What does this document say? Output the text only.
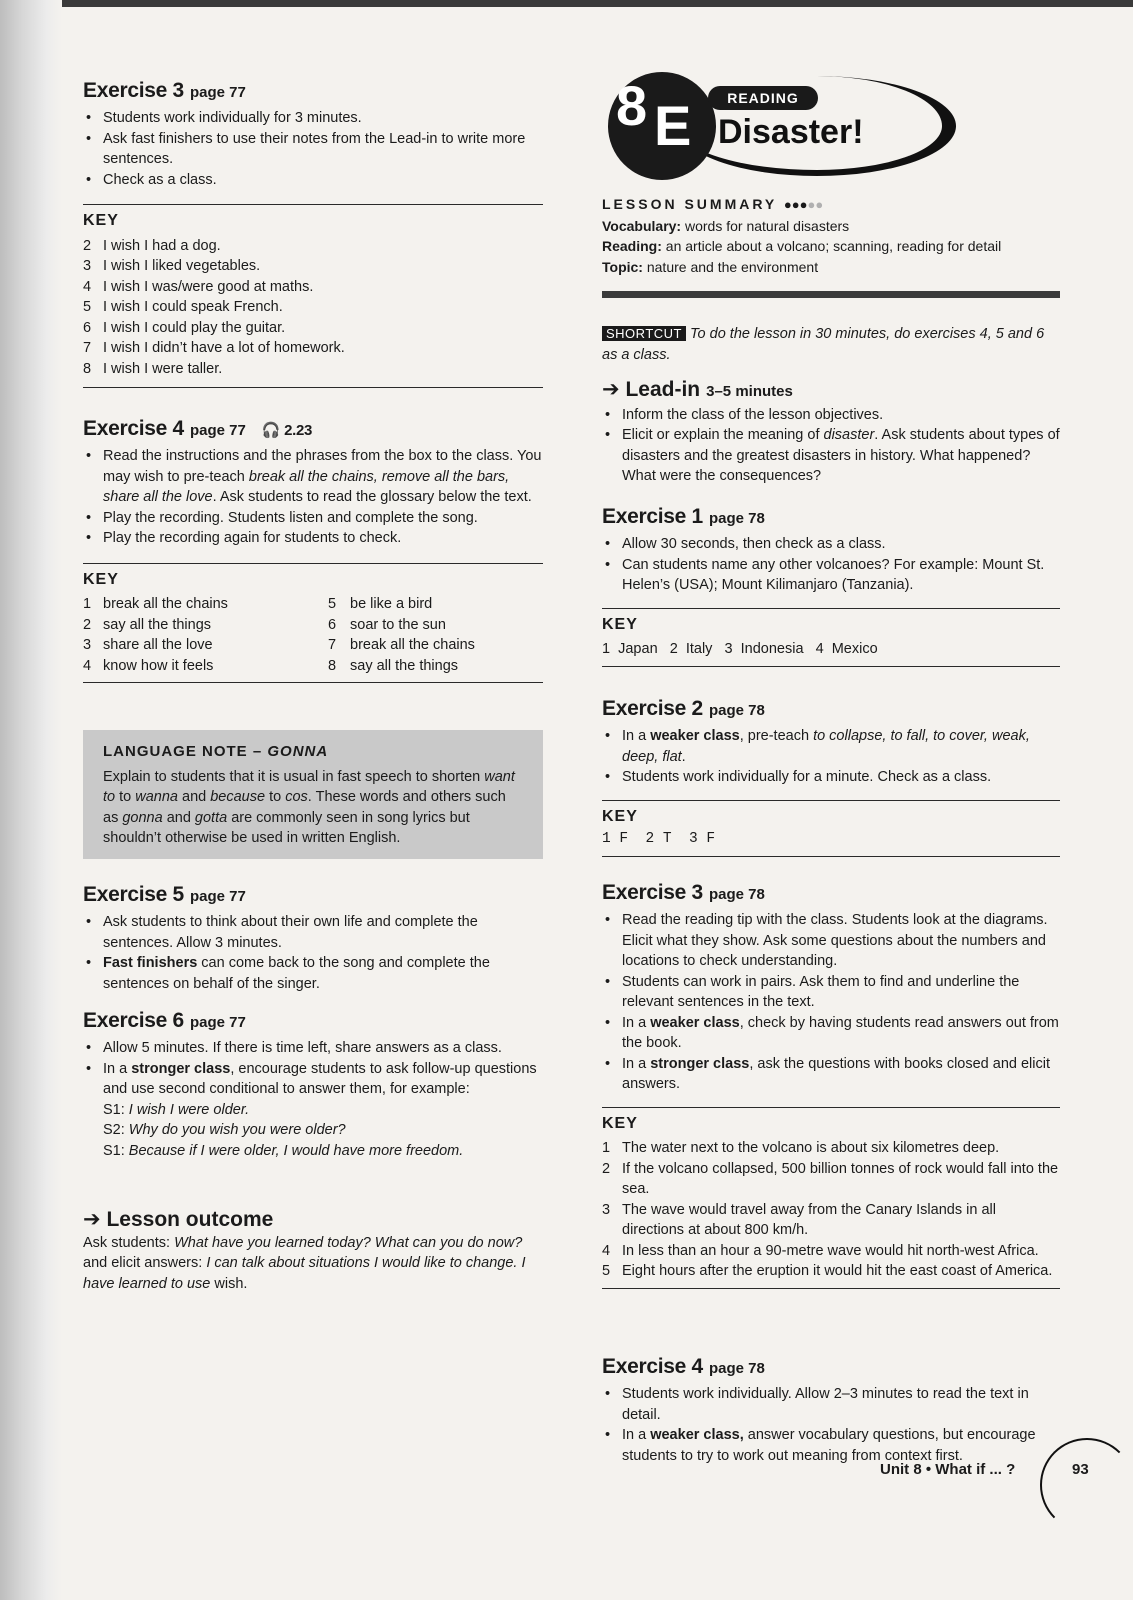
Exercise 3 page 77
• Students work individually for 3 minutes.
• Ask fast finishers to use their notes from the Lead-in to write more sentences.
• Check as a class.
KEY
2 I wish I had a dog.
3 I wish I liked vegetables.
4 I wish I was/were good at maths.
5 I wish I could speak French.
6 I wish I could play the guitar.
7 I wish I didn’t have a lot of homework.
8 I wish I were taller.
Exercise 4 page 77 🎧 2.23
• Read the instructions and the phrases from the box to the class. You may wish to pre-teach break all the chains, remove all the bars, share all the love. Ask students to read the glossary below the text.
• Play the recording. Students listen and complete the song.
• Play the recording again for students to check.
KEY
1 break all the chains
2 say all the things
3 share all the love
4 know how it feels
5 be like a bird
6 soar to the sun
7 break all the chains
8 say all the things
LANGUAGE NOTE – GONNA
Explain to students that it is usual in fast speech to shorten want to to wanna and because to cos. These words and others such as gonna and gotta are commonly seen in song lyrics but shouldn’t otherwise be used in written English.
Exercise 5 page 77
• Ask students to think about their own life and complete the sentences. Allow 3 minutes.
• Fast finishers can come back to the song and complete the sentences on behalf of the singer.
Exercise 6 page 77
• Allow 5 minutes. If there is time left, share answers as a class.
• In a stronger class, encourage students to ask follow-up questions and use second conditional to answer them, for example:
S1: I wish I were older.
S2: Why do you wish you were older?
S1: Because if I were older, I would have more freedom.
➔ Lesson outcome
Ask students: What have you learned today? What can you do now? and elicit answers: I can talk about situations I would like to change. I have learned to use wish.
8 E	READING
Disaster!
LESSON SUMMARY ●●●●●
Vocabulary: words for natural disasters
Reading: an article about a volcano; scanning, reading for detail
Topic: nature and the environment
SHORTCUT To do the lesson in 30 minutes, do exercises 4, 5 and 6 as a class.
➔ Lead-in 3–5 minutes
• Inform the class of the lesson objectives.
• Elicit or explain the meaning of disaster. Ask students about types of disasters and the greatest disasters in history. What happened? What were the consequences?
Exercise 1 page 78
• Allow 30 seconds, then check as a class.
• Can students name any other volcanoes? For example: Mount St. Helen’s (USA); Mount Kilimanjaro (Tanzania).
KEY
1  Japan   2  Italy   3  Indonesia   4  Mexico
Exercise 2 page 78
• In a weaker class, pre-teach to collapse, to fall, to cover, weak, deep, flat.
• Students work individually for a minute. Check as a class.
KEY
1 F  2 T  3 F
Exercise 3 page 78
• Read the reading tip with the class. Students look at the diagrams. Elicit what they show. Ask some questions about the numbers and locations to check understanding.
• Students can work in pairs. Ask them to find and underline the relevant sentences in the text.
• In a weaker class, check by having students read answers out from the book.
• In a stronger class, ask the questions with books closed and elicit answers.
KEY
1 The water next to the volcano is about six kilometres deep.
2 If the volcano collapsed, 500 billion tonnes of rock would fall into the sea.
3 The wave would travel away from the Canary Islands in all directions at about 800 km/h.
4 In less than an hour a 90-metre wave would hit north-west Africa.
5 Eight hours after the eruption it would hit the east coast of America.
Exercise 4 page 78
• Students work individually. Allow 2–3 minutes to read the text in detail.
• In a weaker class, answer vocabulary questions, but encourage students to try to work out meaning from context first.
Unit 8 • What if ... ?	93
